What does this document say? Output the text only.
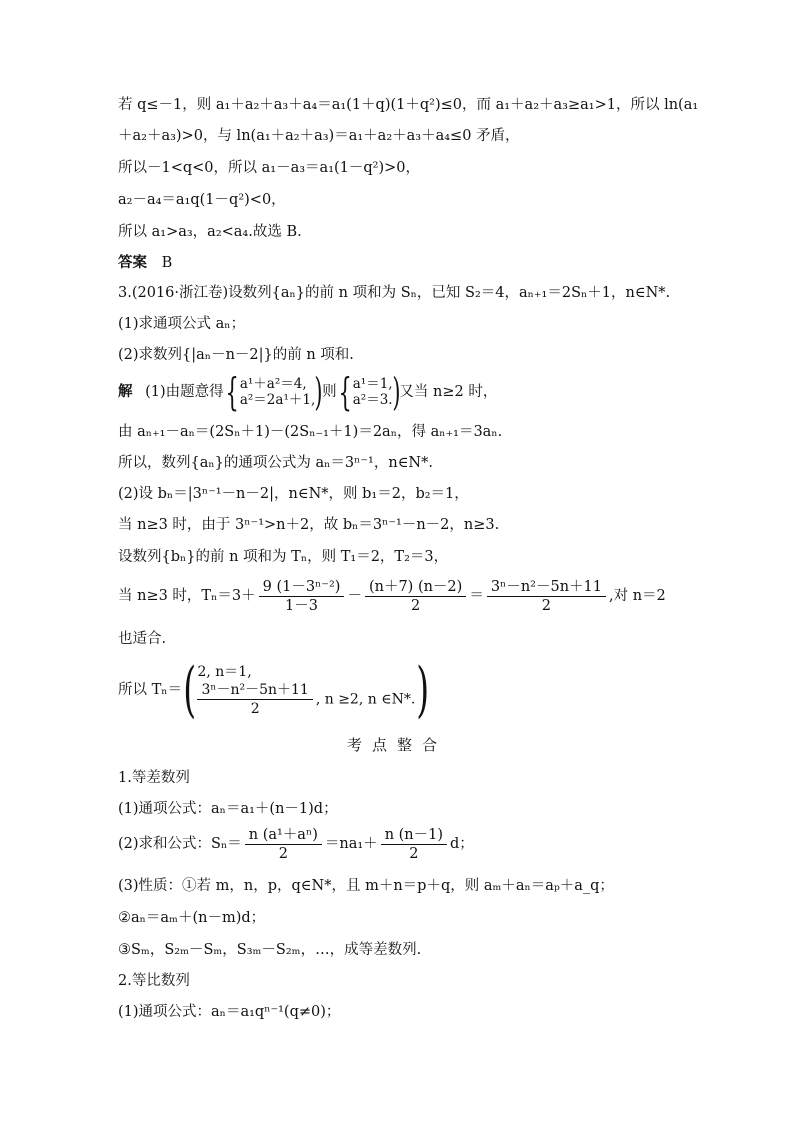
若 q≤－1，则 a₁＋a₂＋a₃＋a₄＝a₁(1＋q)(1＋q²)≤0，而 a₁＋a₂＋a₃≥a₁>1，所以 ln(a₁
＋a₂＋a₃)>0，与 ln(a₁＋a₂＋a₃)＝a₁＋a₂＋a₃＋a₄≤0 矛盾，
所以－1<q<0，所以 a₁－a₃＝a₁(1－q²)>0，
a₂－a₄＝a₁q(1－q²)<0，
所以 a₁>a₃，a₂<a₄.故选 B.
答案 B
3.(2016·浙江卷)设数列{aₙ}的前 n 项和为 Sₙ，已知 S₂＝4，aₙ₊₁＝2Sₙ＋1，n∈N*.
(1)求通项公式 aₙ；
(2)求数列{|aₙ－n－2|}的前 n 项和.
解 (1)由题意得{ a¹＋a²＝4,
a²＝2a¹＋1, )则{ a¹＝1,
a²＝3. )又当 n≥2 时，
由 aₙ₊₁－aₙ＝(2Sₙ＋1)－(2Sₙ₋₁＋1)＝2aₙ，得 aₙ₊₁＝3aₙ.
所以，数列{aₙ}的通项公式为 aₙ＝3ⁿ⁻¹，n∈N*.
(2)设 bₙ＝|3ⁿ⁻¹－n－2|，n∈N*，则 b₁＝2，b₂＝1，
当 n≥3 时，由于 3ⁿ⁻¹>n＋2，故 bₙ＝3ⁿ⁻¹－n－2，n≥3.
设数列{bₙ}的前 n 项和为 Tₙ，则 T₁＝2，T₂＝3，
当 n≥3 时，$T_n=3+ \frac{\text{9 (1－3ⁿ⁻²)}}{1-3} - \frac{(n+7) (n-2)}{2} = \frac{\text{3ⁿ－n²－5n＋11}}{2}$ ,对 n＝2
也适合.
所以 Tₙ＝( 2, n＝1,
$\frac{\text{3ⁿ－n²－5n＋11}}{2}$ , n ≥2, n ∈N*. )
考点整合
1.等差数列
(1)通项公式：aₙ＝a₁＋(n－1)d；
(2)求和公式：$S_n= \frac{\text{n (a¹＋aⁿ)}}{2} =na_1+ \frac{n (n-1)}{2}$ d；
(3)性质：①若 m，n，p，q∈N*，且 m＋n＝p＋q，则 aₘ＋aₙ＝aₚ＋a_q；
②aₙ＝aₘ＋(n－m)d；
③Sₘ，S₂ₘ－Sₘ，S₃ₘ－S₂ₘ，…，成等差数列.
2.等比数列
(1)通项公式：aₙ＝a₁qⁿ⁻¹(q≠0)；
